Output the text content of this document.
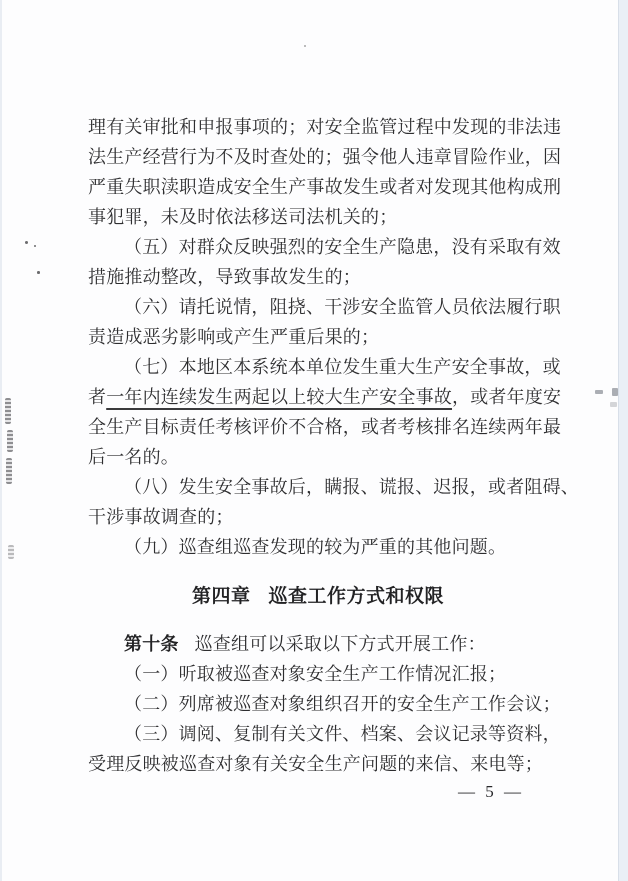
理有关审批和申报事项的；对安全监管过程中发现的非法违

法生产经营行为不及时查处的；强令他人违章冒险作业，因

严重失职渎职造成安全生产事故发生或者对发现其他构成刑

事犯罪，未及时依法移送司法机关的；

（五）对群众反映强烈的安全生产隐患，没有采取有效

措施推动整改，导致事故发生的；

（六）请托说情，阻挠、干涉安全监管人员依法履行职

责造成恶劣影响或产生严重后果的；

（七）本地区本系统本单位发生重大生产安全事故，或

者一年内连续发生两起以上较大生产安全事故，或者年度安

全生产目标责任考核评价不合格，或者考核排名连续两年最

后一名的。

（八）发生安全事故后，瞒报、谎报、迟报，或者阻碍、

干涉事故调查的；

（九）巡查组巡查发现的较为严重的其他问题。

第四章 巡查工作方式和权限

第十条 巡查组可以采取以下方式开展工作：

（一）听取被巡查对象安全生产工作情况汇报；

（二）列席被巡查对象组织召开的安全生产工作会议；

（三）调阅、复制有关文件、档案、会议记录等资料，

受理反映被巡查对象有关安全生产问题的来信、来电等；

— 5 —
